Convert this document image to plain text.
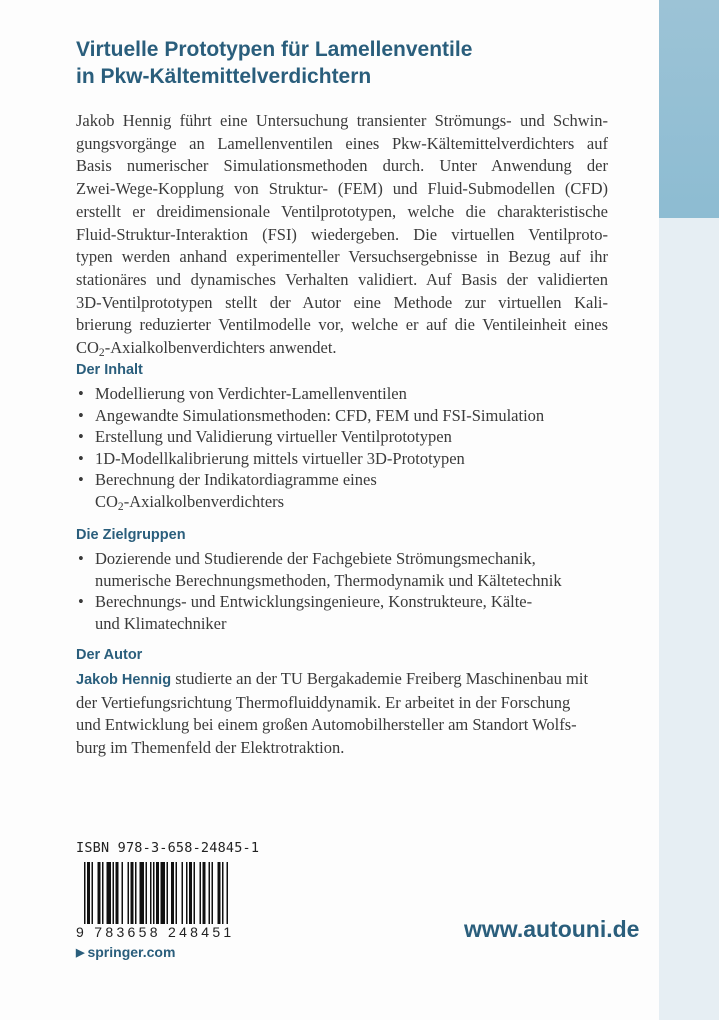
Virtuelle Prototypen für Lamellenventile
in Pkw-Kältemittelverdichtern
Jakob Hennig führt eine Untersuchung transienter Strömungs- und Schwin-
gungsvorgänge an Lamellenventilen eines Pkw-Kältemittelverdichters auf
Basis numerischer Simulationsmethoden durch. Unter Anwendung der
Zwei-Wege-Kopplung von Struktur- (FEM) und Fluid-Submodellen (CFD)
erstellt er dreidimensionale Ventilprototypen, welche die charakteristische
Fluid-Struktur-Interaktion (FSI) wiedergeben. Die virtuellen Ventilproto-
typen werden anhand experimenteller Versuchsergebnisse in Bezug auf ihr
stationäres und dynamisches Verhalten validiert. Auf Basis der validierten
3D-Ventilprototypen stellt der Autor eine Methode zur virtuellen Kali-
brierung reduzierter Ventilmodelle vor, welche er auf die Ventileinheit eines
$CO_2$-Axialkolbenverdichters anwendet.
Der Inhalt
• Modellierung von Verdichter-Lamellenventilen
• Angewandte Simulationsmethoden: CFD, FEM und FSI-Simulation
• Erstellung und Validierung virtueller Ventilprototypen
• 1D-Modellkalibrierung mittels virtueller 3D-Prototypen
• Berechnung der Indikatordiagramme eines
$CO_2$-Axialkolbenverdichters
Die Zielgruppen
• Dozierende und Studierende der Fachgebiete Strömungsmechanik,
numerische Berechnungsmethoden, Thermodynamik und Kältetechnik
• Berechnungs- und Entwicklungsingenieure, Konstrukteure, Kälte-
und Klimatechniker
Der Autor
Jakob Hennig studierte an der TU Bergakademie Freiberg Maschinenbau mit
der Vertiefungsrichtung Thermofluiddynamik. Er arbeitet in der Forschung
und Entwicklung bei einem großen Automobilhersteller am Standort Wolfs-
burg im Themenfeld der Elektrotraktion.
ISBN 978-3-658-24845-1
9 783658 248451
▶ springer.com
www.autouni.de
